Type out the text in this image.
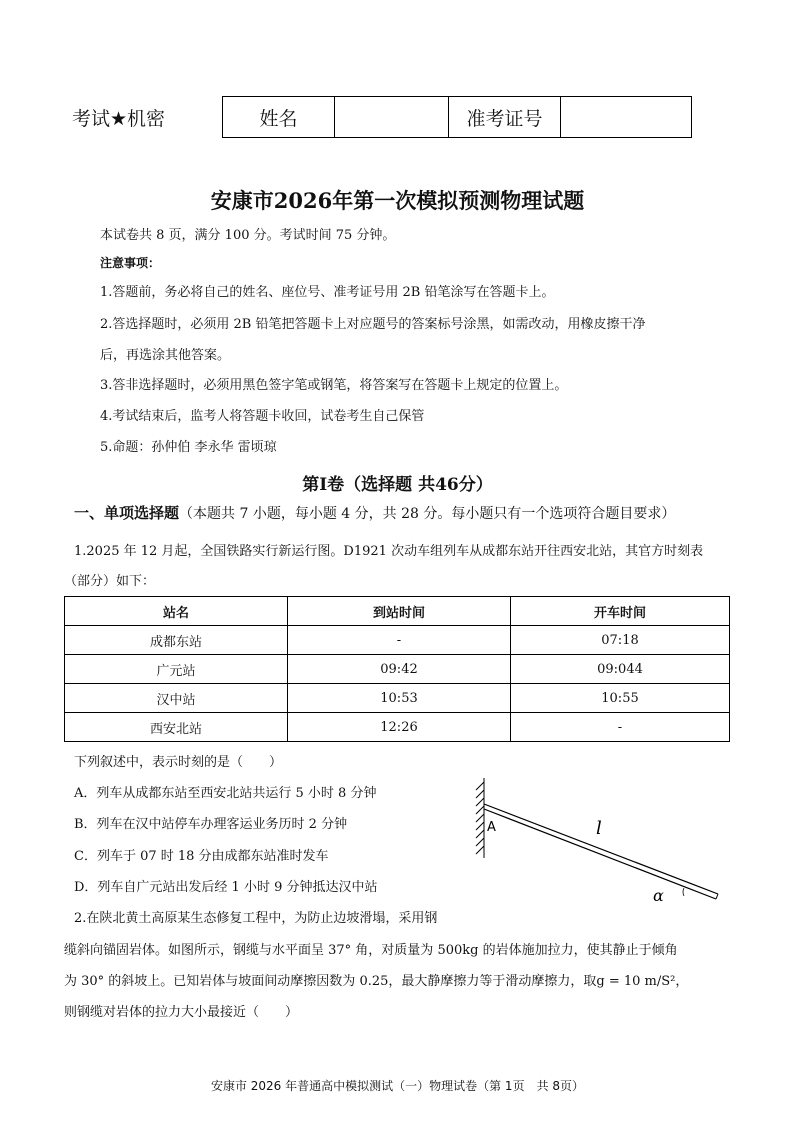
考试★机密	姓名		准考证号	
安康市2026年第一次模拟预测物理试题
本试卷共 8 页，满分 100 分。考试时间 75 分钟。
注意事项：
1.答题前，务必将自己的姓名、座位号、准考证号用 2B 铅笔涂写在答题卡上。
2.答选择题时，必须用 2B 铅笔把答题卡上对应题号的答案标号涂黑，如需改动，用橡皮擦干净
后，再选涂其他答案。
3.答非选择题时，必须用黑色签字笔或钢笔，将答案写在答题卡上规定的位置上。
4.考试结束后，监考人将答题卡收回，试卷考生自己保管
5.命题：孙仲伯 李永华 雷顷琼
第Ⅰ卷（选择题 共46分）
一、单项选择题（本题共 7 小题，每小题 4 分，共 28 分。每小题只有一个选项符合题目要求）
1.2025 年 12 月起，全国铁路实行新运行图。D1921 次动车组列车从成都东站开往西安北站，其官方时刻表
（部分）如下：
站名	到站时间	开车时间
成都东站	-	07:18
广元站	09:42	09:044
汉中站	10:53	10:55
西安北站	12:26	-
下列叙述中，表示时刻的是（　　）
A．列车从成都东站至西安北站共运行 5 小时 8 分钟
B．列车在汉中站停车办理客运业务历时 2 分钟
C．列车于 07 时 18 分由成都东站准时发车
D．列车自广元站出发后经 1 小时 9 分钟抵达汉中站
A	l
α
2.在陕北黄土高原某生态修复工程中，为防止边坡滑塌，采用钢
缆斜向锚固岩体。如图所示，钢缆与水平面呈 37° 角，对质量为 500kg 的岩体施加拉力，使其静止于倾角
为 30° 的斜坡上。已知岩体与坡面间动摩擦因数为 0.25，最大静摩擦力等于滑动摩擦力，取g = 10 m/S²，
则钢缆对岩体的拉力大小最接近（　　）
安康市 2026 年普通高中模拟测试（一）物理试卷（第 1页　共 8页）
